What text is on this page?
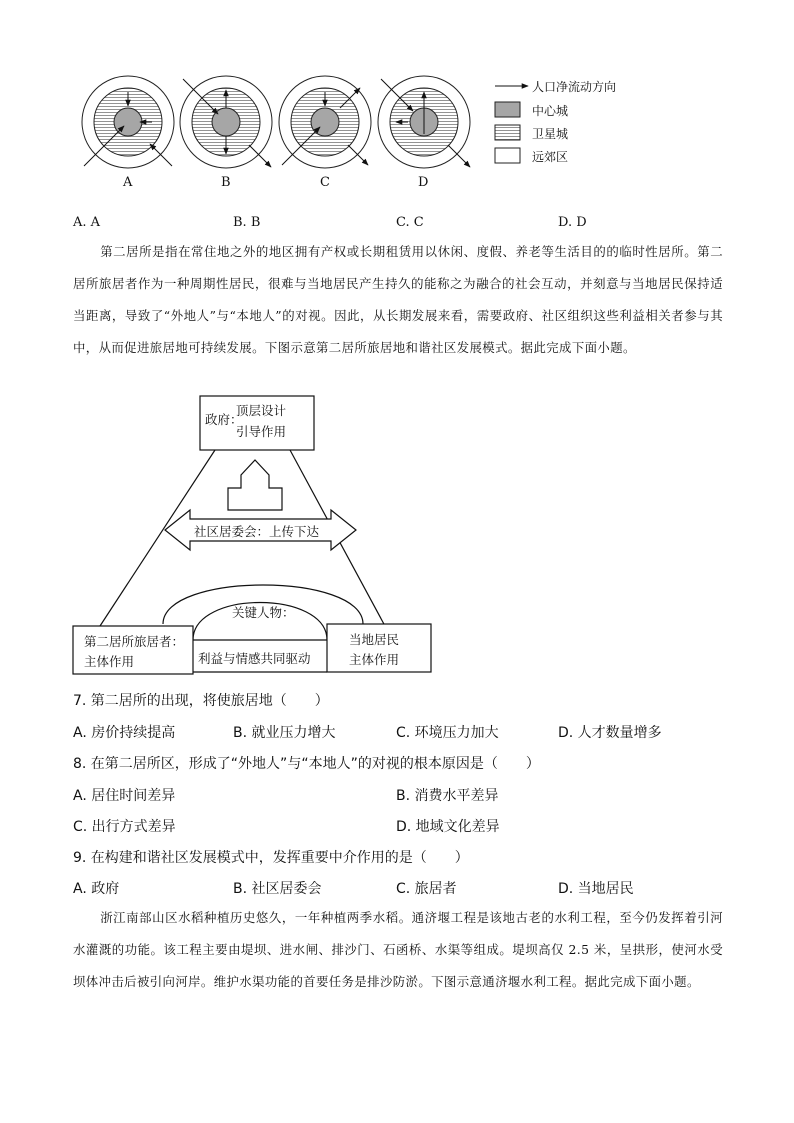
A	B	C	D
人口净流动方向
中心城
卫星城
远郊区
A. A	B. B	C. C	D. D
第二居所是指在常住地之外的地区拥有产权或长期租赁用以休闲、度假、养老等生活目的的临时性居所。第二居所旅居者作为一种周期性居民，很难与当地居民产生持久的能称之为融合的社会互动，并刻意与当地居民保持适当距离，导致了“外地人”与“本地人”的对视。因此，从长期发展来看，需要政府、社区组织这些利益相关者参与其中，从而促进旅居地可持续发展。下图示意第二居所旅居地和谐社区发展模式。据此完成下面小题。
政府：
顶层设计
引导作用
社区居委会：上传下达
关键人物：
利益与情感共同驱动
第二居所旅居者：
主体作用
当地居民
主体作用
7. 第二居所的出现，将使旅居地（　　）
A. 房价持续提高	B. 就业压力增大	C. 环境压力加大	D. 人才数量增多
8. 在第二居所区，形成了“外地人”与“本地人”的对视的根本原因是（　　）
A. 居住时间差异	B. 消费水平差异
C. 出行方式差异	D. 地域文化差异
9. 在构建和谐社区发展模式中，发挥重要中介作用的是（　　）
A. 政府	B. 社区居委会	C. 旅居者	D. 当地居民
浙江南部山区水稻种植历史悠久，一年种植两季水稻。通济堰工程是该地古老的水利工程，至今仍发挥着引河水灌溉的功能。该工程主要由堤坝、进水闸、排沙门、石函桥、水渠等组成。堤坝高仅 2.5 米，呈拱形，使河水受坝体冲击后被引向河岸。维护水渠功能的首要任务是排沙防淤。下图示意通济堰水利工程。据此完成下面小题。
